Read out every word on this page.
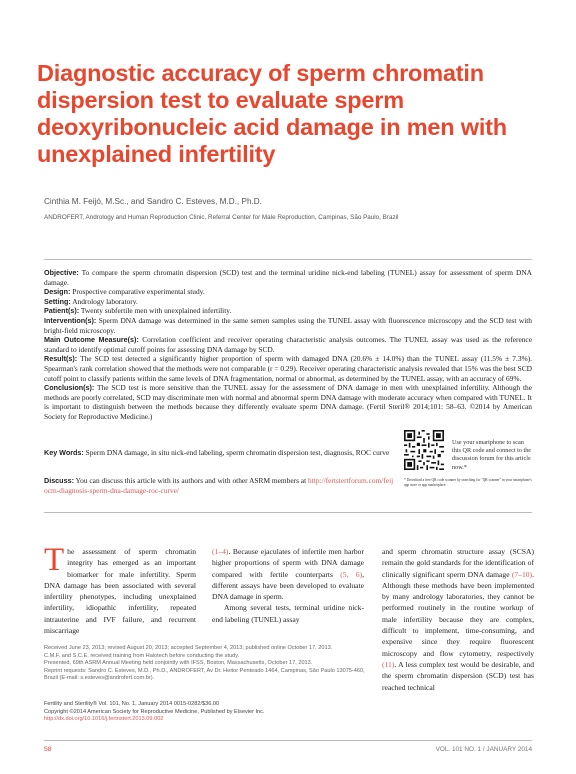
Diagnostic accuracy of sperm chromatin dispersion test to evaluate sperm deoxyribonucleic acid damage in men with unexplained infertility
Cinthia M. Feijó, M.Sc., and Sandro C. Esteves, M.D., Ph.D.
ANDROFERT, Andrology and Human Reproduction Clinic, Referral Center for Male Reproduction, Campinas, São Paulo, Brazil

Objective: To compare the sperm chromatin dispersion (SCD) test and the terminal uridine nick-end labeling (TUNEL) assay for assessment of sperm DNA damage.

Design: Prospective comparative experimental study.

Setting: Andrology laboratory.

Patient(s): Twenty subfertile men with unexplained infertility.

Intervention(s): Sperm DNA damage was determined in the same semen samples using the TUNEL assay with fluorescence microscopy and the SCD test with bright-field microscopy.

Main Outcome Measure(s): Correlation coefficient and receiver operating characteristic analysis outcomes. The TUNEL assay was used as the reference standard to identify optimal cutoff points for assessing DNA damage by SCD.

Result(s): The SCD test detected a significantly higher proportion of sperm with damaged DNA (20.6% ± 14.0%) than the TUNEL assay (11.5% ± 7.3%). Spearman's rank correlation showed that the methods were not comparable (r = 0.29). Receiver operating characteristic analysis revealed that 15% was the best SCD cutoff point to classify patients within the same levels of DNA fragmentation, normal or abnormal, as determined by the TUNEL assay, with an accuracy of 69%.

Conclusion(s): The SCD test is more sensitive than the TUNEL assay for the assessment of DNA damage in men with unexplained infertility. Although the methods are poorly correlated, SCD may discriminate men with normal and abnormal sperm DNA damage with moderate accuracy when compared with TUNEL. It is important to distinguish between the methods because they differently evaluate sperm DNA damage. (Fertil Steril® 2014;101: 58–63. ©2014 by American Society for Reproductive Medicine.)

Key Words: Sperm DNA damage, in situ nick-end labeling, sperm chromatin dispersion test, diagnosis, ROC curve

Discuss: You can discuss this article with its authors and with other ASRM members at http://fertstertforum.com/feijocm-diagnosis-sperm-dna-damage-roc-curve/
Use your smartphone to scan this QR code and connect to the discussion forum for this article now.*
* Download a free QR code scanner by searching for "QR scanner" in your smartphone's app store or app marketplace.
The assessment of sperm chromatin integrity has emerged as an important biomarker for male infertility. Sperm DNA damage has been associated with several infertility phenotypes, including unexplained infertility, idiopathic infertility, repeated intrauterine and IVF failure, and recurrent miscarriage

(1–4). Because ejaculates of infertile men harbor higher proportions of sperm with DNA damage compared with fertile counterparts (5, 6), different assays have been developed to evaluate DNA damage in sperm.

Among several tests, terminal uridine nick-end labeling (TUNEL) assay

and sperm chromatin structure assay (SCSA) remain the gold standards for the identification of clinically significant sperm DNA damage (7–10). Although these methods have been implemented by many andrology laboratories, they cannot be performed routinely in the routine workup of male infertility because they are complex, difficult to implement, time-consuming, and expensive since they require fluorescent microscopy and flow cytometry, respectively (11). A less complex test would be desirable, and the sperm chromatin dispersion (SCD) test has reached technical

Received June 23, 2013; revised August 20, 2013; accepted September 4, 2013; published online October 17, 2013.

C.M.F. and S.C.E. received training from Halotech before conducting the study.

Presented, 69th ASRM Annual Meeting held conjointly with IFSS, Boston, Massachusetts, October 17, 2013.

Reprint requests: Sandro C. Esteves, M.D., Ph.D., ANDROFERT, Av Dr. Heitor Penteado 1464, Campinas, São Paulo 13075-460, Brazil (E-mail: s.esteves@androfert.com.br).

Fertility and Sterility® Vol. 101, No. 1, January 2014 0015-0282/$36.00

Copyright ©2014 American Society for Reproductive Medicine, Published by Elsevier Inc.

http://dx.doi.org/10.1016/j.fertnstert.2013.09.002

58	VOL. 101 NO. 1 / JANUARY 2014
